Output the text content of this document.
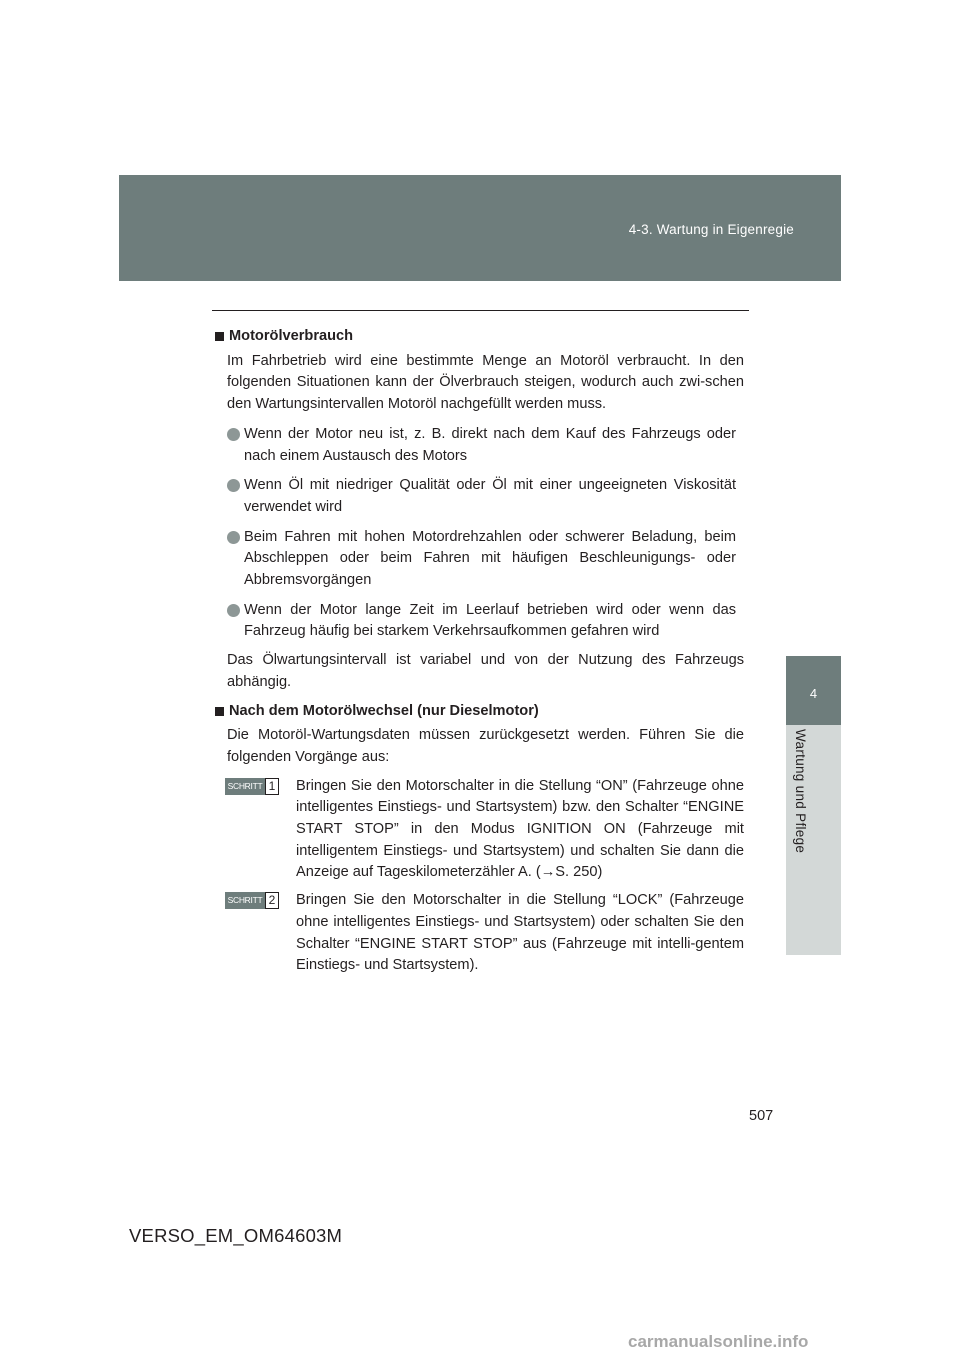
4-3. Wartung in Eigenregie
4
Wartung und Pflege
Motorölverbrauch

Im Fahrbetrieb wird eine bestimmte Menge an Motoröl verbraucht. In den folgenden Situationen kann der Ölverbrauch steigen, wodurch auch zwi-schen den Wartungsintervallen Motoröl nachgefüllt werden muss.

Wenn der Motor neu ist, z. B. direkt nach dem Kauf des Fahrzeugs oder nach einem Austausch des Motors
Wenn Öl mit niedriger Qualität oder Öl mit einer ungeeigneten Viskosität verwendet wird
Beim Fahren mit hohen Motordrehzahlen oder schwerer Beladung, beim Abschleppen oder beim Fahren mit häufigen Beschleunigungs- oder Abbremsvorgängen
Wenn der Motor lange Zeit im Leerlauf betrieben wird oder wenn das Fahrzeug häufig bei starkem Verkehrsaufkommen gefahren wird

Das Ölwartungsintervall ist variabel und von der Nutzung des Fahrzeugs abhängig.

Nach dem Motorölwechsel (nur Dieselmotor)

Die Motoröl-Wartungsdaten müssen zurückgesetzt werden. Führen Sie die folgenden Vorgänge aus:

SCHRITT 1 Bringen Sie den Motorschalter in die Stellung “ON” (Fahrzeuge ohne intelligentes Einstiegs- und Startsystem) bzw. den Schalter “ENGINE START STOP” in den Modus IGNITION ON (Fahrzeuge mit intelligentem Einstiegs- und Startsystem) und schalten Sie dann die Anzeige auf Tageskilometerzähler A. (→S. 250)
SCHRITT 2 Bringen Sie den Motorschalter in die Stellung “LOCK” (Fahrzeuge ohne intelligentes Einstiegs- und Startsystem) oder schalten Sie den Schalter “ENGINE START STOP” aus (Fahrzeuge mit intelli-gentem Einstiegs- und Startsystem).
507
VERSO_EM_OM64603M
carmanualsonline.info
